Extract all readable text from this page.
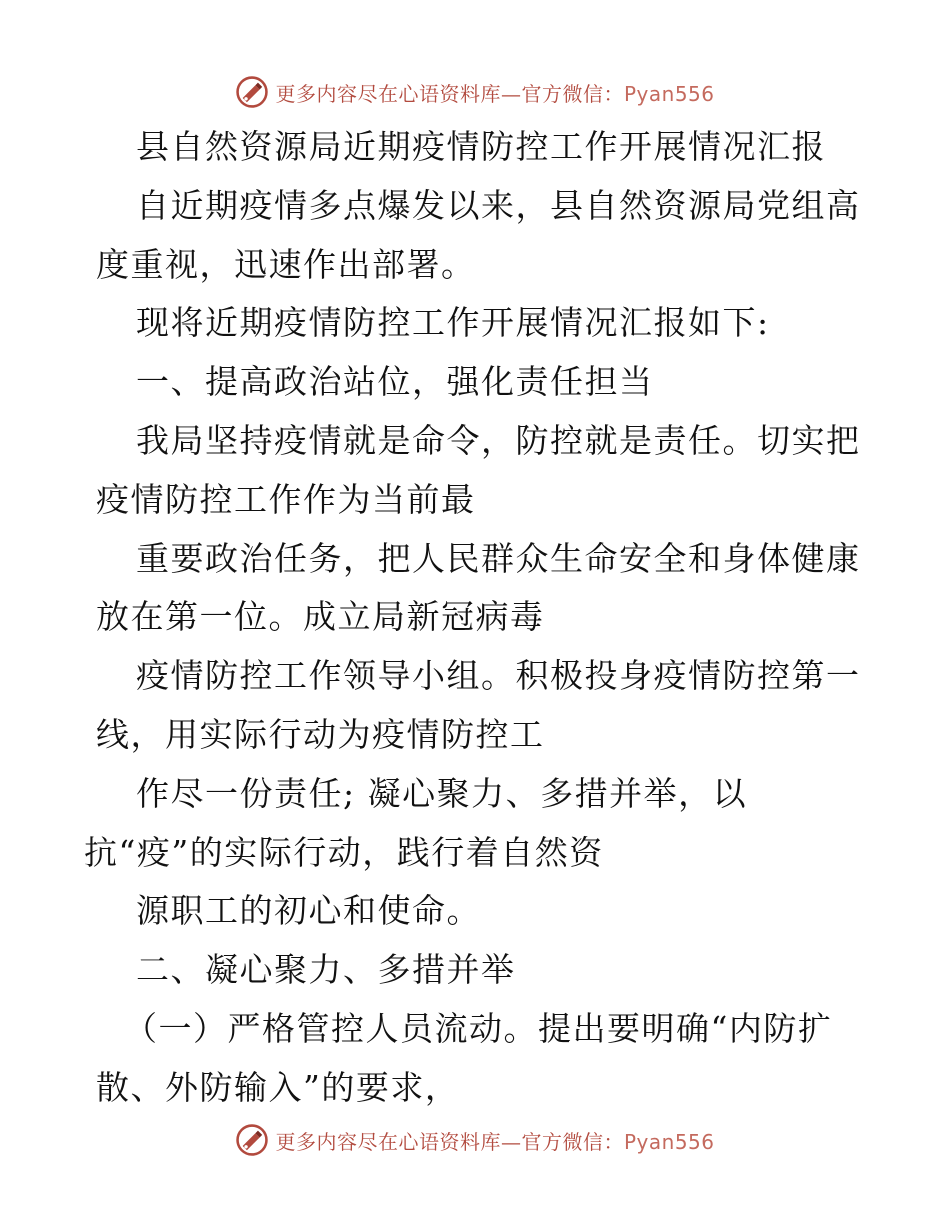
更多内容尽在心语资料库—官方微信：Pyan556
县自然资源局近期疫情防控工作开展情况汇报
自近期疫情多点爆发以来，县自然资源局党组高
度重视，迅速作出部署。
现将近期疫情防控工作开展情况汇报如下:
一、提高政治站位，强化责任担当
我局坚持疫情就是命令，防控就是责任。切实把
疫情防控工作作为当前最
重要政治任务，把人民群众生命安全和身体健康
放在第一位。成立局新冠病毒
疫情防控工作领导小组。积极投身疫情防控第一
线，用实际行动为疫情防控工
作尽一份责任; 凝心聚力、多措并举，以
抗“疫”的实际行动，践行着自然资
源职工的初心和使命。
二、凝心聚力、多措并举
（一）严格管控人员流动。提出要明确“内防扩
散、外防输入”的要求，
更多内容尽在心语资料库—官方微信：Pyan556
